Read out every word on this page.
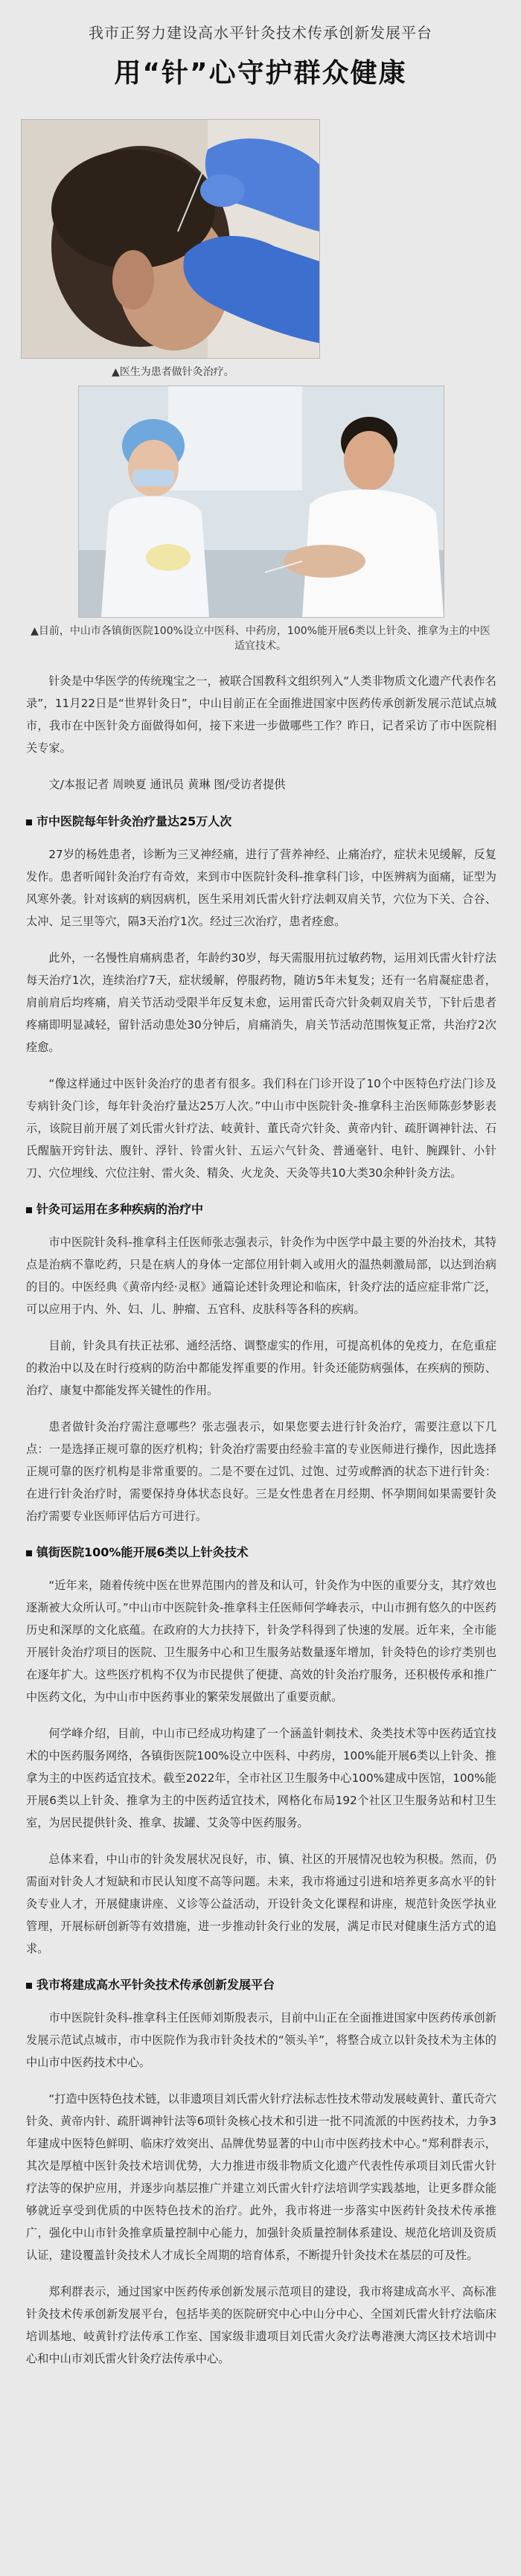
我市正努力建设高水平针灸技术传承创新发展平台
用“针”心守护群众健康
▲医生为患者做针灸治疗。
▲目前，中山市各镇街医院100%设立中医科、中药房，100%能开展6类以上针灸、推拿为主的中医适宜技术。

针灸是中华医学的传统瑰宝之一，被联合国教科文组织列入“人类非物质文化遗产代表作名录”，11月22日是“世界针灸日”，中山目前正在全面推进国家中医药传承创新发展示范试点城市，我市在中医针灸方面做得如何，接下来进一步做哪些工作？昨日，记者采访了市中医院相关专家。

文/本报记者 周映夏 通讯员 黄琳 图/受访者提供

市中医院每年针灸治疗量达25万人次

27岁的杨姓患者，诊断为三叉神经痛，进行了营养神经、止痛治疗，症状未见缓解，反复发作。患者听闻针灸治疗有奇效，来到市中医院针灸科-推拿科门诊，中医辨病为面痛，证型为风寒外袭。针对该病的病因病机，医生采用刘氏雷火针疗法刺双肩关节，穴位为下关、合谷、太冲、足三里等穴，隔3天治疗1次。经过三次治疗，患者痊愈。

此外，一名慢性肩痛病患者，年龄约30岁，每天需服用抗过敏药物，运用刘氏雷火针疗法每天治疗1次，连续治疗7天，症状缓解，停服药物，随访5年未复发；还有一名肩凝症患者，肩前肩后均疼痛，肩关节活动受限半年反复未愈，运用雷氏奇穴针灸刺双肩关节，下针后患者疼痛即明显减轻，留针活动患处30分钟后，肩痛消失，肩关节活动范围恢复正常，共治疗2次痊愈。

“像这样通过中医针灸治疗的患者有很多。我们科在门诊开设了10个中医特色疗法门诊及专病针灸门诊，每年针灸治疗量达25万人次。”中山市中医院针灸-推拿科主治医师陈彭梦影表示，该院目前开展了刘氏雷火针疗法、岐黄针、董氏奇穴针灸、黄帝内针、疏肝调神针法、石氏醒脑开窍针法、腹针、浮针、铃雷火针、五运六气针灸、普通毫针、电针、腕踝针、小针刀、穴位埋线、穴位注射、雷火灸、精灸、火龙灸、天灸等共10大类30余种针灸方法。

针灸可运用在多种疾病的治疗中

市中医院针灸科-推拿科主任医师张志强表示，针灸作为中医学中最主要的外治技术，其特点是治病不靠吃药，只是在病人的身体一定部位用针刺入或用火的温热刺激局部，以达到治病的目的。中医经典《黄帝内经·灵枢》通篇论述针灸理论和临床，针灸疗法的适应症非常广泛，可以应用于内、外、妇、儿、肿瘤、五官科、皮肤科等各科的疾病。

目前，针灸具有扶正祛邪、通经活络、调整虚实的作用，可提高机体的免疫力，在危重症的救治中以及在时行疫病的防治中都能发挥重要的作用。针灸还能防病强体，在疾病的预防、治疗、康复中都能发挥关键性的作用。

患者做针灸治疗需注意哪些？张志强表示，如果您要去进行针灸治疗，需要注意以下几点：一是选择正规可靠的医疗机构；针灸治疗需要由经验丰富的专业医师进行操作，因此选择正规可靠的医疗机构是非常重要的。二是不要在过饥、过饱、过劳或醉酒的状态下进行针灸：在进行针灸治疗时，需要保持身体状态良好。三是女性患者在月经期、怀孕期间如果需要针灸治疗需要专业医师评估后方可进行。

镇街医院100%能开展6类以上针灸技术

“近年来，随着传统中医在世界范围内的普及和认可，针灸作为中医的重要分支，其疗效也逐渐被大众所认可。”中山市中医院针灸-推拿科主任医师何学峰表示，中山市拥有悠久的中医药历史和深厚的文化底蕴。在政府的大力扶持下，针灸学科得到了快速的发展。近年来，全市能开展针灸治疗项目的医院、卫生服务中心和卫生服务站数量逐年增加，针灸特色的诊疗类别也在逐年扩大。这些医疗机构不仅为市民提供了便捷、高效的针灸治疗服务，还积极传承和推广中医药文化，为中山市中医药事业的繁荣发展做出了重要贡献。

何学峰介绍，目前，中山市已经成功构建了一个涵盖针刺技术、灸类技术等中医药适宜技术的中医药服务网络，各镇街医院100%设立中医科、中药房，100%能开展6类以上针灸、推拿为主的中医药适宜技术。截至2022年，全市社区卫生服务中心100%建成中医馆，100%能开展6类以上针灸、推拿为主的中医药适宜技术，网格化布局192个社区卫生服务站和村卫生室，为居民提供针灸、推拿、拔罐、艾灸等中医药服务。

总体来看，中山市的针灸发展状况良好，市、镇、社区的开展情况也较为积极。然而，仍需面对针灸人才短缺和市民认知度不高等问题。未来，我市将通过引进和培养更多高水平的针灸专业人才，开展健康讲座、义诊等公益活动，开设针灸文化课程和讲座，规范针灸医学执业管理，开展标研创新等有效措施，进一步推动针灸行业的发展，满足市民对健康生活方式的追求。

我市将建成高水平针灸技术传承创新发展平台

市中医院针灸科-推拿科主任医师刘斯殷表示，目前中山正在全面推进国家中医药传承创新发展示范试点城市，市中医院作为我市针灸技术的“领头羊”，将整合成立以针灸技术为主体的中山市中医药技术中心。

“打造中医特色技术链，以非遗项目刘氏雷火针疗法标志性技术带动发展岐黄针、董氏奇穴针灸、黄帝内针、疏肝调神针法等6项针灸核心技术和引进一批不同流派的中医药技术，力争3年建成中医特色鲜明、临床疗效突出、品牌优势显著的中山市中医药技术中心。”郑利群表示，其次是厚植中医针灸技术培训优势，大力推进市级非物质文化遗产代表性传承项目刘氏雷火针疗法等的保护应用，并逐步向基层推广并建立刘氏雷火针疗法培训学实践基地，让更多群众能够就近享受到优质的中医特色技术的治疗。此外，我市将进一步落实中医药针灸技术传承推广，强化中山市针灸推拿质量控制中心能力，加强针灸质量控制体系建设、规范化培训及资质认证，建设覆盖针灸技术人才成长全周期的培育体系，不断提升针灸技术在基层的可及性。

郑利群表示，通过国家中医药传承创新发展示范项目的建设，我市将建成高水平、高标准针灸技术传承创新发展平台，包括毕美的医院研究中心中山分中心、全国刘氏雷火针疗法临床培训基地、岐黄针疗法传承工作室、国家级非遗项目刘氏雷火灸疗法粤港澳大湾区技术培训中心和中山市刘氏雷火针灸疗法传承中心。
